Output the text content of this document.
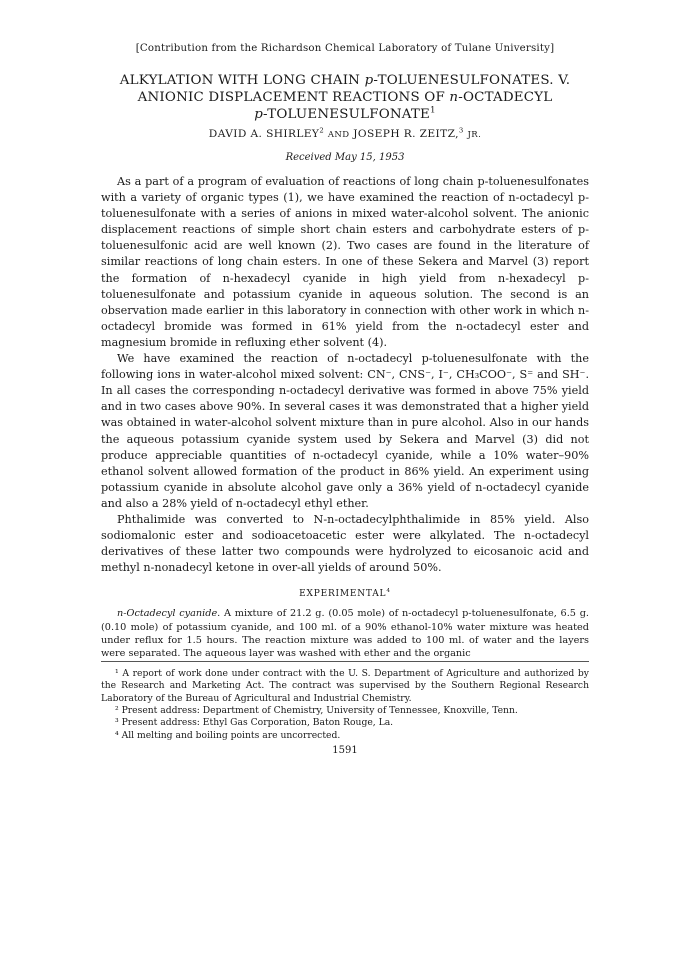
[Contribution from the Richardson Chemical Laboratory of Tulane University]
ALKYLATION WITH LONG CHAIN p-TOLUENESULFONATES. V.
ANIONIC DISPLACEMENT REACTIONS OF n-OCTADECYL
p-TOLUENESULFONATE$^1$
DAVID A. SHIRLEY$^2$ AND JOSEPH R. ZEITZ,$^3$ JR.
Received May 15, 1953

As a part of a program of evaluation of reactions of long chain p-toluenesulfonates with a variety of organic types (1), we have examined the reaction of n-octadecyl p-toluenesulfonate with a series of anions in mixed water-alcohol solvent. The anionic displacement reactions of simple short chain esters and carbohydrate esters of p-toluenesulfonic acid are well known (2). Two cases are found in the literature of similar reactions of long chain esters. In one of these Sekera and Marvel (3) report the formation of n-hexadecyl cyanide in high yield from n-hexadecyl p-toluenesulfonate and potassium cyanide in aqueous solution. The second is an observation made earlier in this laboratory in connection with other work in which n-octadecyl bromide was formed in 61% yield from the n-octadecyl ester and magnesium bromide in refluxing ether solvent (4).

We have examined the reaction of n-octadecyl p-toluenesulfonate with the following ions in water-alcohol mixed solvent: CN⁻, CNS⁻, I⁻, CH₃COO⁻, S⁼ and SH⁻. In all cases the corresponding n-octadecyl derivative was formed in above 75% yield and in two cases above 90%. In several cases it was demonstrated that a higher yield was obtained in water-alcohol solvent mixture than in pure alcohol. Also in our hands the aqueous potassium cyanide system used by Sekera and Marvel (3) did not produce appreciable quantities of n-octadecyl cyanide, while a 10% water–90% ethanol solvent allowed formation of the product in 86% yield. An experiment using potassium cyanide in absolute alcohol gave only a 36% yield of n-octadecyl cyanide and also a 28% yield of n-octadecyl ethyl ether.

Phthalimide was converted to N-n-octadecylphthalimide in 85% yield. Also sodiomalonic ester and sodioacetoacetic ester were alkylated. The n-octadecyl derivatives of these latter two compounds were hydrolyzed to eicosanoic acid and methyl n-nonadecyl ketone in over-all yields of around 50%.

EXPERIMENTAL$^4$

n-Octadecyl cyanide. A mixture of 21.2 g. (0.05 mole) of n-octadecyl p-toluenesulfonate, 6.5 g. (0.10 mole) of potassium cyanide, and 100 ml. of a 90% ethanol-10% water mixture was heated under reflux for 1.5 hours. The reaction mixture was added to 100 ml. of water and the layers were separated. The aqueous layer was washed with ether and the organic

¹ A report of work done under contract with the U. S. Department of Agriculture and authorized by the Research and Marketing Act. The contract was supervised by the Southern Regional Research Laboratory of the Bureau of Agricultural and Industrial Chemistry.

² Present address: Department of Chemistry, University of Tennessee, Knoxville, Tenn.

³ Present address: Ethyl Gas Corporation, Baton Rouge, La.

⁴ All melting and boiling points are uncorrected.

1591
